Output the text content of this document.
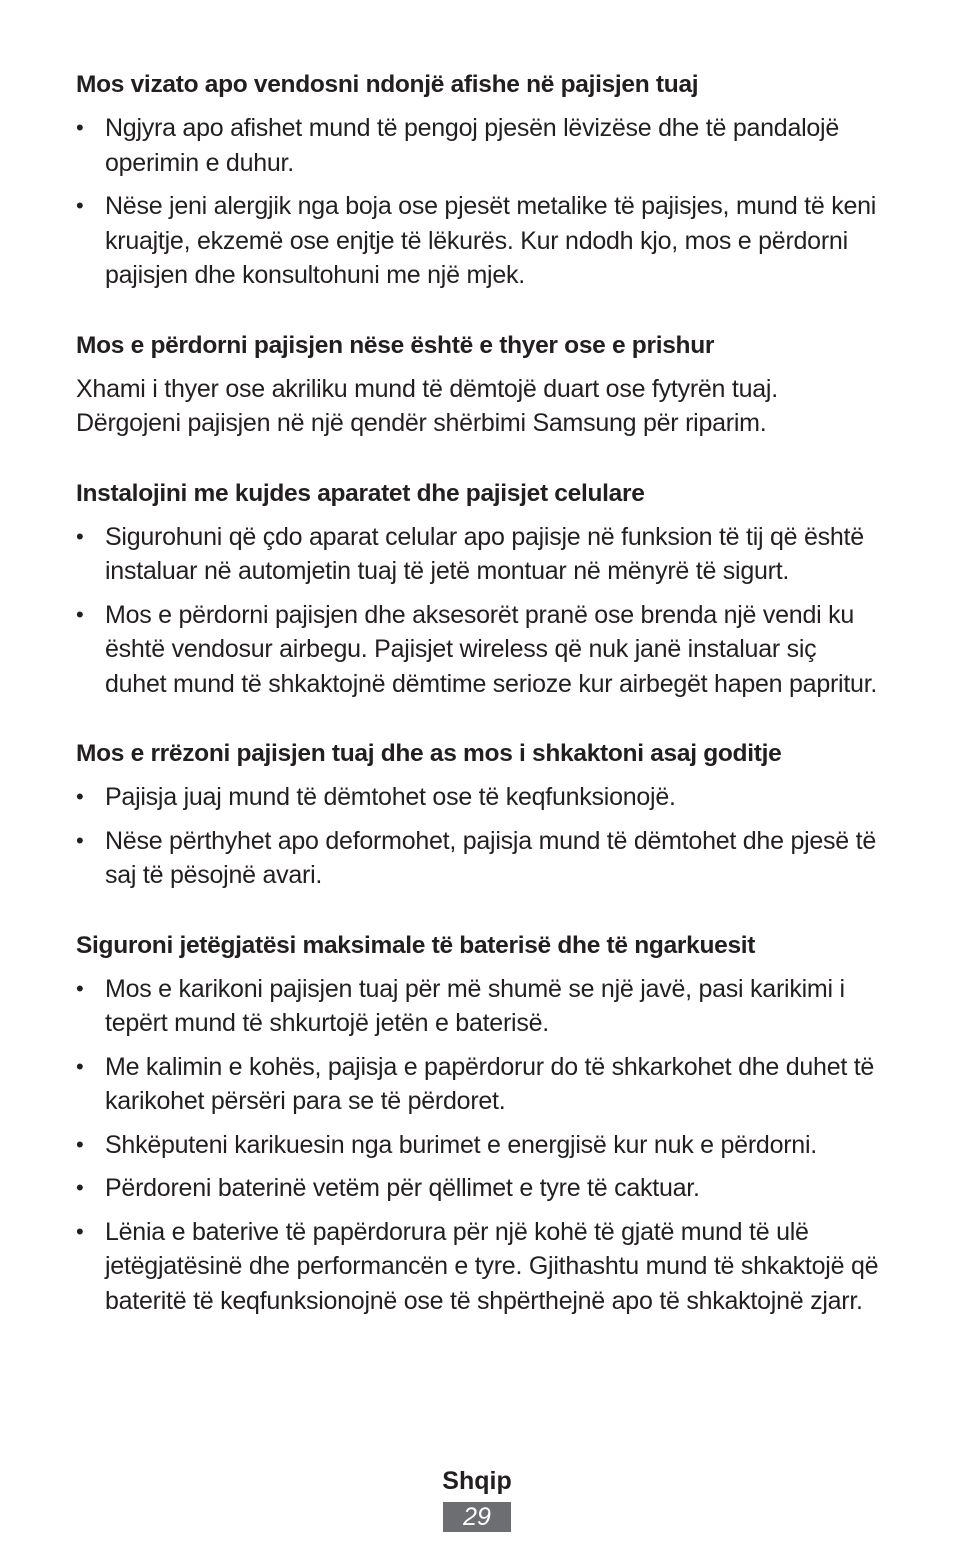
Mos vizato apo vendosni ndonjë afishe në pajisjen tuaj
• Ngjyra apo afishet mund të pengoj pjesën lëvizëse dhe të pandalojë operimin e duhur.
• Nëse jeni alergjik nga boja ose pjesët metalike të pajisjes, mund të keni kruajtje, ekzemë ose enjtje të lëkurës. Kur ndodh kjo, mos e përdorni pajisjen dhe konsultohuni me një mjek.
Mos e përdorni pajisjen nëse është e thyer ose e prishur

Xhami i thyer ose akriliku mund të dëmtojë duart ose fytyrën tuaj. Dërgojeni pajisjen në një qendër shërbimi Samsung për riparim.

Instalojini me kujdes aparatet dhe pajisjet celulare
• Sigurohuni që çdo aparat celular apo pajisje në funksion të tij që është instaluar në automjetin tuaj të jetë montuar në mënyrë të sigurt.
• Mos e përdorni pajisjen dhe aksesorët pranë ose brenda një vendi ku është vendosur airbegu. Pajisjet wireless që nuk janë instaluar siç duhet mund të shkaktojnë dëmtime serioze kur airbegët hapen papritur.
Mos e rrëzoni pajisjen tuaj dhe as mos i shkaktoni asaj goditje
• Pajisja juaj mund të dëmtohet ose të keqfunksionojë.
• Nëse përthyhet apo deformohet, pajisja mund të dëmtohet dhe pjesë të saj të pësojnë avari.
Siguroni jetëgjatësi maksimale të baterisë dhe të ngarkuesit
• Mos e karikoni pajisjen tuaj për më shumë se një javë, pasi karikimi i tepërt mund të shkurtojë jetën e baterisë.
• Me kalimin e kohës, pajisja e papërdorur do të shkarkohet dhe duhet të karikohet përsëri para se të përdoret.
• Shkëputeni karikuesin nga burimet e energjisë kur nuk e përdorni.
• Përdoreni baterinë vetëm për qëllimet e tyre të caktuar.
• Lënia e baterive të papërdorura për një kohë të gjatë mund të ulë jetëgjatësinë dhe performancën e tyre. Gjithashtu mund të shkaktojë që bateritë të keqfunksionojnë ose të shpërthejnë apo të shkaktojnë zjarr.
Shqip
29
